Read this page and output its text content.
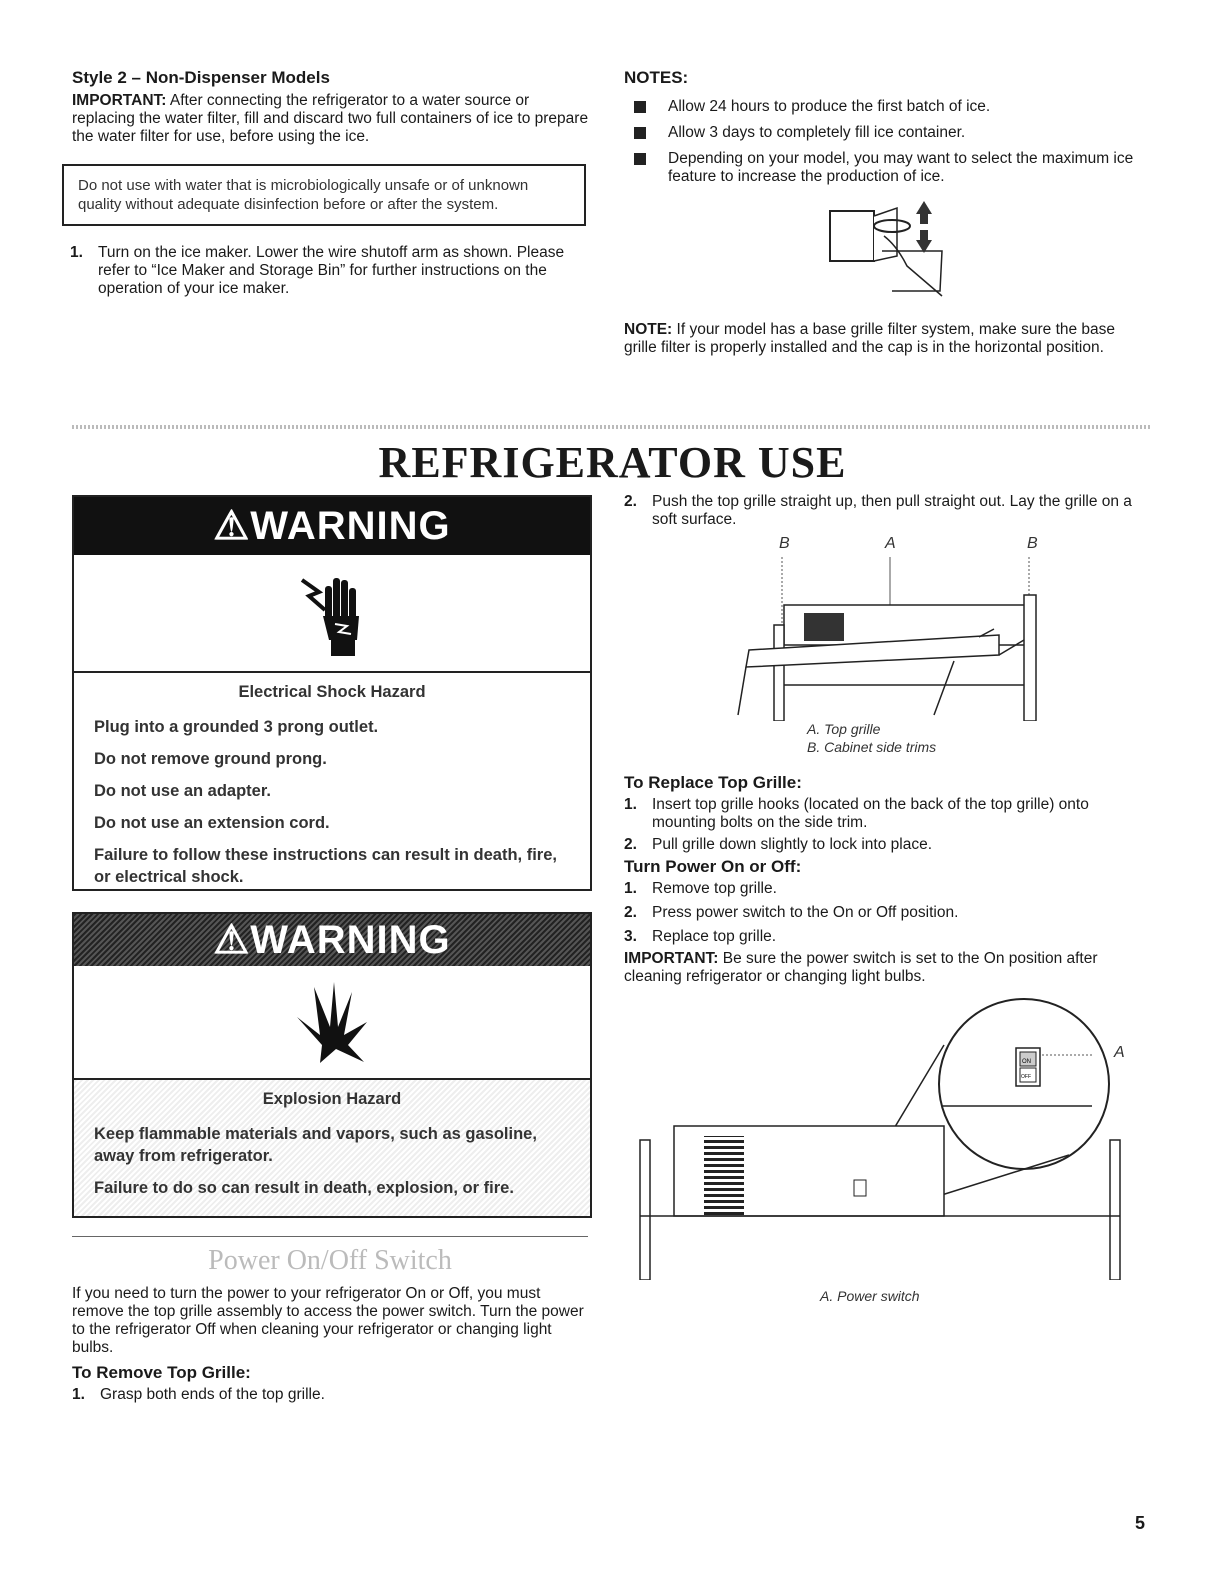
Style 2 – Non-Dispenser Models

IMPORTANT: After connecting the refrigerator to a water source or replacing the water filter, fill and discard two full containers of ice to prepare the water filter for use, before using the ice.

Do not use with water that is microbiologically unsafe or of unknown quality without adequate disinfection before or after the system.
1. Turn on the ice maker. Lower the wire shutoff arm as shown. Please refer to “Ice Maker and Storage Bin” for further instructions on the operation of your ice maker.
NOTES:
Allow 24 hours to produce the first batch of ice.
Allow 3 days to completely fill ice container.
Depending on your model, you may want to select the maximum ice feature to increase the production of ice.

NOTE: If your model has a base grille filter system, make sure the base grille filter is properly installed and the cap is in the horizontal position.

REFRIGERATOR USE
⚠WARNING
Electrical Shock Hazard
Plug into a grounded 3 prong outlet.
Do not remove ground prong.
Do not use an adapter.
Do not use an extension cord.
Failure to follow these instructions can result in death, fire, or electrical shock.
⚠WARNING
Explosion Hazard
Keep flammable materials and vapors, such as gasoline, away from refrigerator.
Failure to do so can result in death, explosion, or fire.
Power On/Off Switch

If you need to turn the power to your refrigerator On or Off, you must remove the top grille assembly to access the power switch. Turn the power to the refrigerator Off when cleaning your refrigerator or changing light bulbs.

To Remove Top Grille:
1. Grasp both ends of the top grille.
2. Push the top grille straight up, then pull straight out. Lay the grille on a soft surface.
B	A	B
A. Top grille
B. Cabinet side trims
To Replace Top Grille:
1. Insert top grille hooks (located on the back of the top grille) onto mounting bolts on the side trim.
2. Pull grille down slightly to lock into place.
Turn Power On or Off:
1. Remove top grille.
2. Press power switch to the On or Off position.
3. Replace top grille.

IMPORTANT: Be sure the power switch is set to the On position after cleaning refrigerator or changing light bulbs.

ON
OFF
A
A. Power switch
5
